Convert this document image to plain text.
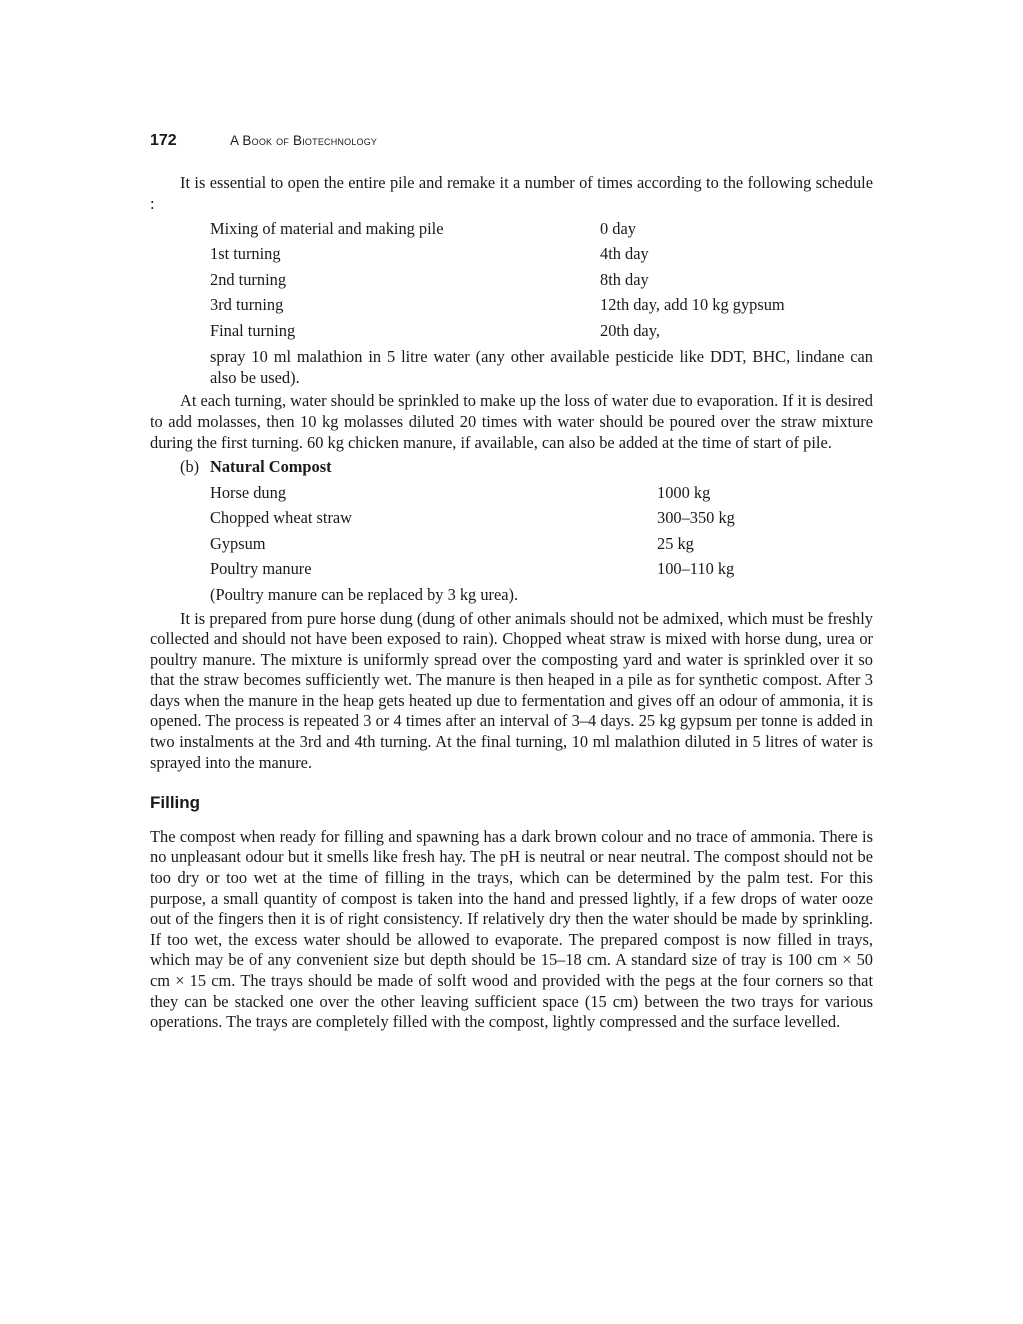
172	A Book of Biotechnology

It is essential to open the entire pile and remake it a number of times according to the following schedule :

Mixing of material and making pile	0 day
1st turning	4th day
2nd turning	8th day
3rd turning	12th day, add 10 kg gypsum
Final turning	20th day,

spray 10 ml malathion in 5 litre water (any other available pesticide like DDT, BHC, lindane can also be used).

At each turning, water should be sprinkled to make up the loss of water due to evaporation. If it is desired to add molasses, then 10 kg molasses diluted 20 times with water should be poured over the straw mixture during the first turning. 60 kg chicken manure, if available, can also be added at the time of start of pile.

(b) Natural Compost
Horse dung	1000 kg
Chopped wheat straw	300–350 kg
Gypsum	25 kg
Poultry manure	100–110 kg
(Poultry manure can be replaced by 3 kg urea).

It is prepared from pure horse dung (dung of other animals should not be admixed, which must be freshly collected and should not have been exposed to rain). Chopped wheat straw is mixed with horse dung, urea or poultry manure. The mixture is uniformly spread over the composting yard and water is sprinkled over it so that the straw becomes sufficiently wet. The manure is then heaped in a pile as for synthetic compost. After 3 days when the manure in the heap gets heated up due to fermentation and gives off an odour of ammonia, it is opened. The process is repeated 3 or 4 times after an interval of 3–4 days. 25 kg gypsum per tonne is added in two instalments at the 3rd and 4th turning. At the final turning, 10 ml malathion diluted in 5 litres of water is sprayed into the manure.

Filling

The compost when ready for filling and spawning has a dark brown colour and no trace of ammonia. There is no unpleasant odour but it smells like fresh hay. The pH is neutral or near neutral. The compost should not be too dry or too wet at the time of filling in the trays, which can be determined by the palm test. For this purpose, a small quantity of compost is taken into the hand and pressed lightly, if a few drops of water ooze out of the fingers then it is of right consistency. If relatively dry then the water should be made by sprinkling. If too wet, the excess water should be allowed to evaporate. The prepared compost is now filled in trays, which may be of any convenient size but depth should be 15–18 cm. A standard size of tray is 100 cm × 50 cm × 15 cm. The trays should be made of solft wood and provided with the pegs at the four corners so that they can be stacked one over the other leaving sufficient space (15 cm) between the two trays for various operations. The trays are completely filled with the compost, lightly compressed and the surface levelled.
